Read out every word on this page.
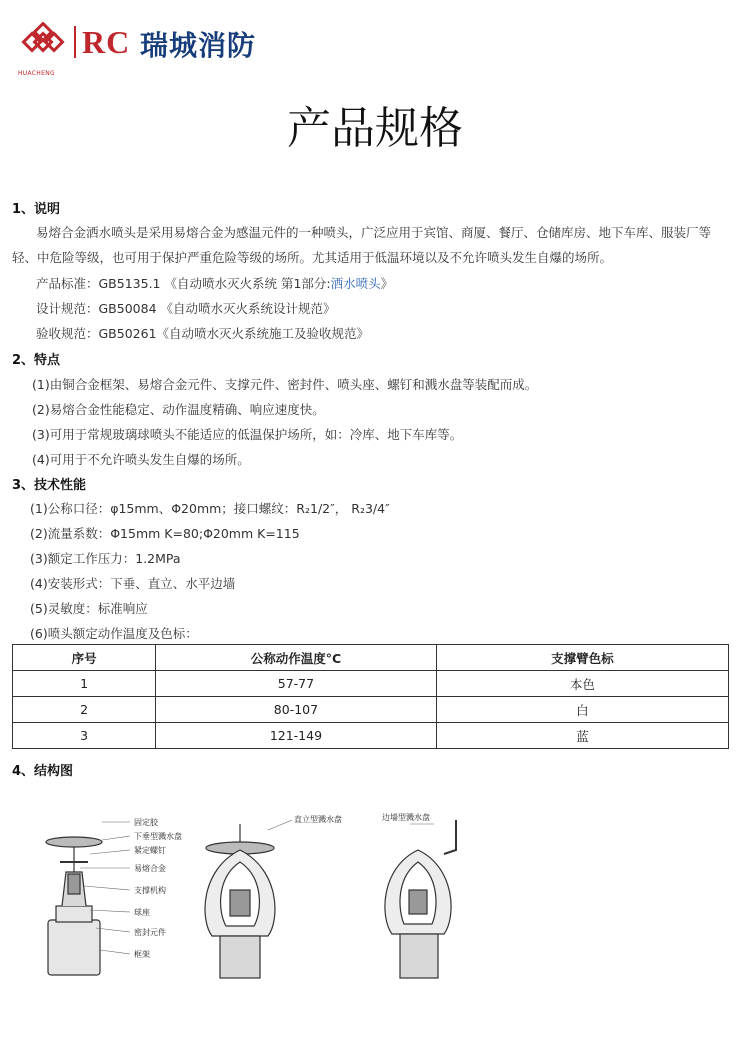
HUACHENG
RC 瑞城消防
产品规格
1、说明
易熔合金洒水喷头是采用易熔合金为感温元件的一种喷头，广泛应用于宾馆、商厦、餐厅、仓储库房、地下车库、服装厂等
轻、中危险等级，也可用于保护严重危险等级的场所。尤其适用于低温环境以及不允许喷头发生自爆的场所。
产品标准：GB5135.1 《自动喷水灭火系统 第1部分:洒水喷头》
设计规范：GB50084 《自动喷水灭火系统设计规范》
验收规范：GB50261《自动喷水灭火系统施工及验收规范》
2、特点
(1)由铜合金框架、易熔合金元件、支撑元件、密封件、喷头座、螺钉和溅水盘等装配而成。
(2)易熔合金性能稳定、动作温度精确、响应速度快。
(3)可用于常规玻璃球喷头不能适应的低温保护场所，如：冷库、地下车库等。
(4)可用于不允许喷头发生自爆的场所。
3、技术性能
(1)公称口径：φ15mm、Φ20mm；接口螺纹：R₂1/2″， R₂3/4″
(2)流量系数：Φ15mm K=80;Φ20mm K=115
(3)额定工作压力：1.2MPa
(4)安装形式：下垂、直立、水平边墙
(5)灵敏度：标准响应
(6)喷头额定动作温度及色标：
序号	公称动作温度°C	支撑臂色标
1	57-77	本色
2	80-107	白
3	121-149	蓝
4、结构图
固定胶
下垂型溅水盘
紧定螺钉
易熔合金
支撑机构
球座
密封元件
框架
直立型溅水盘	边墙型溅水盘
